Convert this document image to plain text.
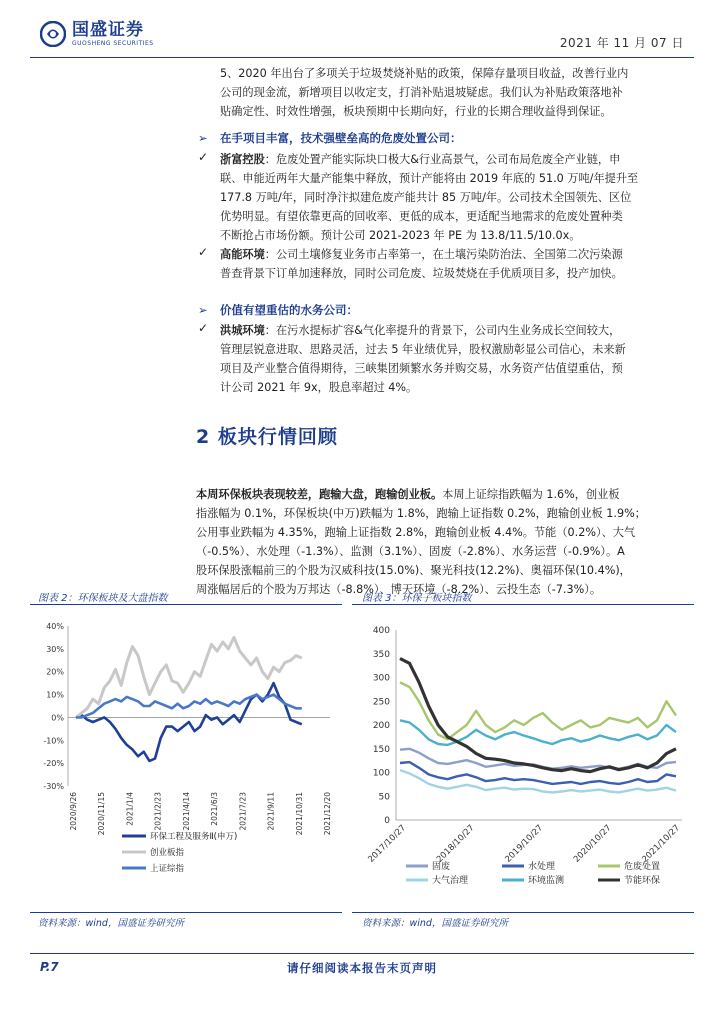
国盛证券
GUOSHENG SECURITIES	2021 年 11 月 07 日
5、2020 年出台了多项关于垃圾焚烧补贴的政策，保障存量项目收益，改善行业内
公司的现金流，新增项目以收定支，打消补贴退坡疑虑。我们认为补贴政策落地补
贴确定性、时效性增强，板块预期中长期向好，行业的长期合理收益得到保证。
➢ 在手项目丰富，技术强壁垒高的危废处置公司：
✓ 浙富控股：危废处置产能实际块口极大&行业高景气，公司布局危废全产业链，申
联、申能近两年大量产能集中释放，预计产能将由 2019 年底的 51.0 万吨/年提升至
177.8 万吨/年，同时净汴拟建危废产能共计 85 万吨/年。公司技术全国领先、区位
优势明显。有望依靠更高的回收率、更低的成本，更适配当地需求的危废处置种类
不断抢占市场份额。预计公司 2021-2023 年 PE 为 13.8/11.5/10.0x。
✓ 高能环境：公司土壤修复业务市占率第一，在土壤污染防治法、全国第二次污染源
普查背景下订单加速释放，同时公司危废、垃圾焚烧在手优质项目多，投产加快。
➢ 价值有望重估的水务公司：
✓ 洪城环境：在污水提标扩容&气化率提升的背景下，公司内生业务成长空间较大，
管理层锐意进取、思路灵活，过去 5 年业绩优异，股权激励彰显公司信心，未来新
项目及产业整合值得期待，三峡集团频繁水务并购交易，水务资产估值望重估，预
计公司 2021 年 9x，股息率超过 4%。
2 板块行情回顾
本周环保板块表现较差，跑输大盘，跑输创业板。本周上证综指跌幅为 1.6%，创业板
指涨幅为 0.1%，环保板块(中万)跌幅为 1.8%，跑输上证指数 0.2%，跑输创业板 1.9%；
公用事业跌幅为 4.35%，跑输上证指数 2.8%，跑输创业板 4.4%。节能（0.2%）、大气
（-0.5%）、水处理（-1.3%）、监测（3.1%）、固废（-2.8%）、水务运营（-0.9%）。A
股环保股涨幅前三的个股为汉威科技(15.0%)、聚光科技(12.2%)、奥福环保(10.4%)，
周涨幅居后的个股为万邦达（-8.8%）、博天环境（-8.2%）、云投生态（-7.3%）。
图表 2：环保板块及大盘指数
40%
30%
20%
10%
0%
-10%
-20%
-30%
2020/9/26	2020/11/15	2021/1/4	2021/2/23	2021/4/14	2021/6/3	2021/7/23	2021/9/11	2021/10/31	2021/12/20
环保工程及服务Ⅱ(申万)
创业板指
上证综指
资料来源：wind，国盛证券研究所
图表 3：环保子板块指数
400
350
300
250
200
150
100
50
0
2017/10/27	2018/10/27	2019/10/27	2020/10/27	2021/10/27
固废	水处理	危废处置
大气治理	环境监测	节能环保
资料来源：wind，国盛证券研究所
P.7	请仔细阅读本报告末页声明
